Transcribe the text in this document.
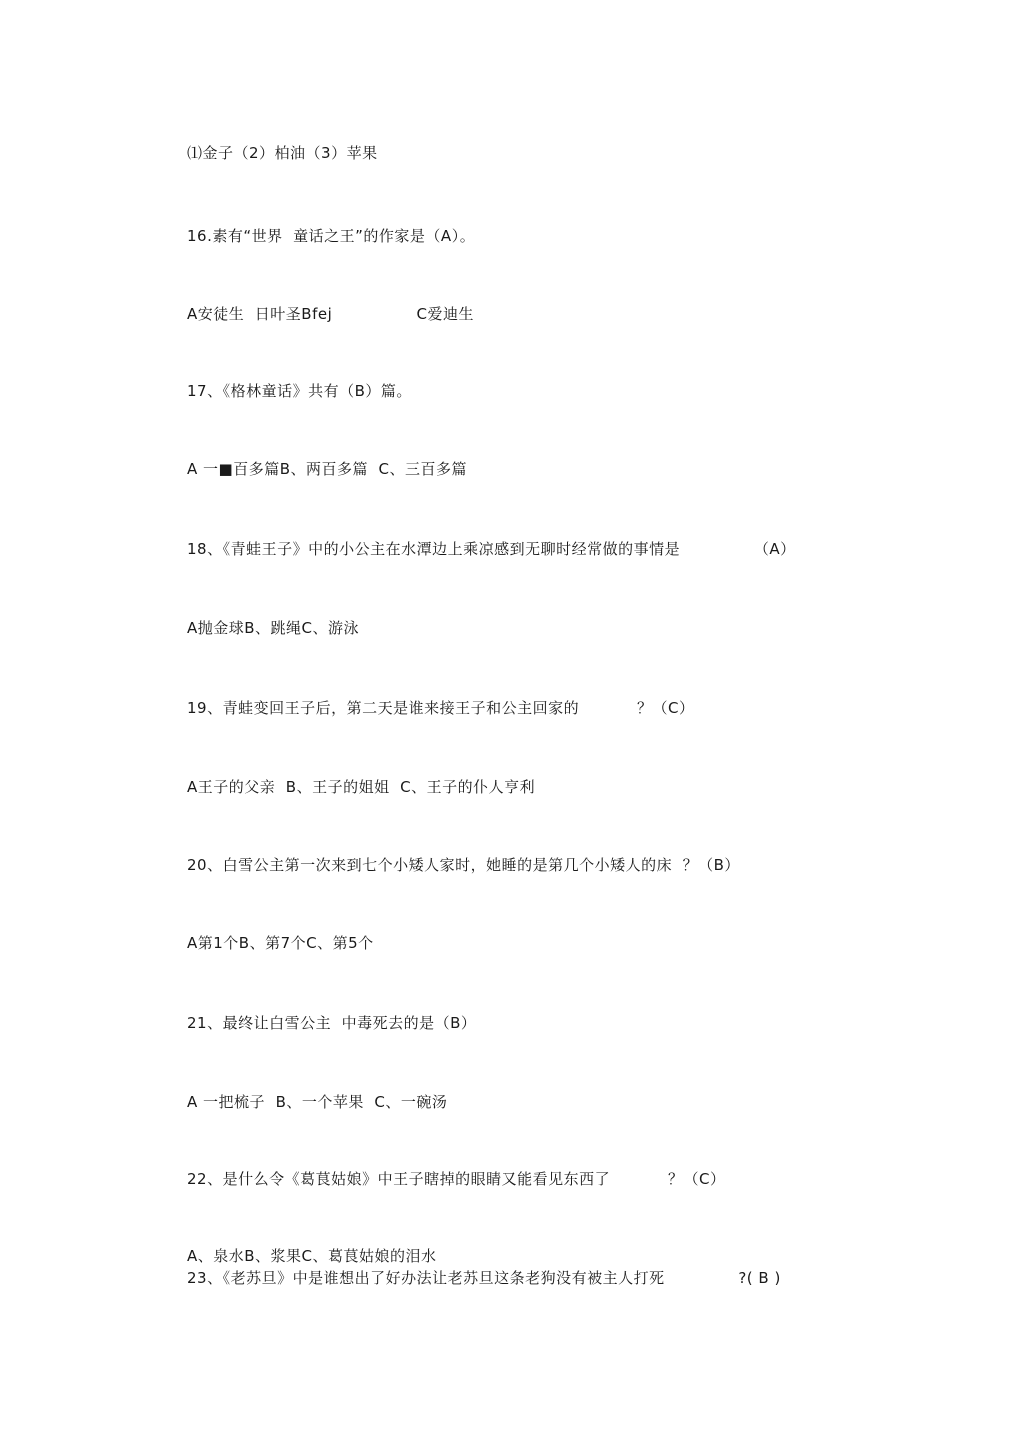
⑴金子（2）柏油（3）苹果
16.素有“世界  童话之王”的作家是（A）。
A安徒生  日叶圣Bfej                C爱迪生
17、《格林童话》共有（B）篇。
A 一■百多篇B、两百多篇  C、三百多篇
18、《青蛙王子》中的小公主在水潭边上乘凉感到无聊时经常做的事情是              （A）
A抛金球B、跳绳C、游泳
19、青蛙变回王子后，第二天是谁来接王子和公主回家的           ？（C）
A王子的父亲  B、王子的姐姐  C、王子的仆人亨利
20、白雪公主第一次来到七个小矮人家时，她睡的是第几个小矮人的床  ？（B）
A第1个B、第7个C、第5个
21、最终让白雪公主  中毒死去的是（B）
A 一把梳子  B、一个苹果  C、一碗汤
22、是什么令《葛茛姑娘》中王子瞎掉的眼睛又能看见东西了           ？（C）
A、泉水B、浆果C、葛茛姑娘的泪水
23、《老苏旦》中是谁想出了好办法让老苏旦这条老狗没有被主人打死              ?( B )
